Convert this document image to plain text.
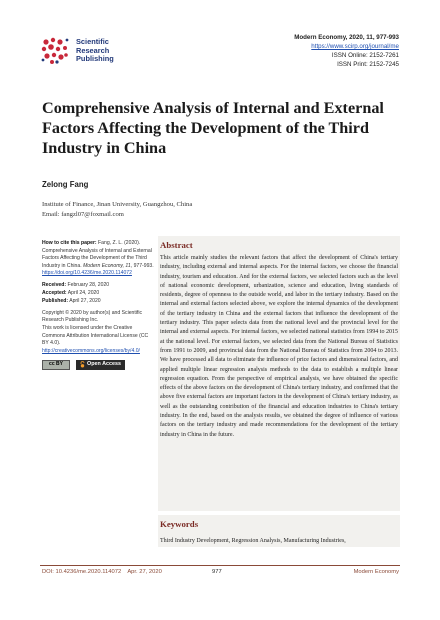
Scientific
Research
Publishing
Modern Economy, 2020, 11, 977-993
https://www.scirp.org/journal/me
ISSN Online: 2152-7261
ISSN Print: 2152-7245
Comprehensive Analysis of Internal and External Factors Affecting the Development of the Third Industry in China
Zelong Fang
Institute of Finance, Jinan University, Guangzhou, China
Email: fangzl07@foxmail.com

How to cite this paper: Fang, Z. L. (2020). Comprehensive Analysis of Internal and External Factors Affecting the Development of the Third Industry in China. Modern Economy, 11, 977-993. https://doi.org/10.4236/me.2020.114072

Received: February 28, 2020
Accepted: April 24, 2020
Published: April 27, 2020

Copyright © 2020 by author(s) and Scientific Research Publishing Inc.
This work is licensed under the Creative Commons Attribution International License (CC BY 4.0).
http://creativecommons.org/licenses/by/4.0/

cc BY	Open Access
Abstract
This article mainly studies the relevant factors that affect the development of China's tertiary industry, including external and internal aspects. For the internal factors, we choose the financial industry, tourism and education. And for the external factors, we selected factors such as the level of national economic development, urbanization, science and education, living standards of residents, degree of openness to the outside world, and labor in the tertiary industry. Based on the internal and external factors selected above, we explore the internal dynamics of the development of the tertiary industry in China and the external factors that influence the development of the tertiary industry. This paper selects data from the national level and the provincial level for the internal and external aspects. For internal factors, we selected national statistics from 1994 to 2015 at the national level. For external factors, we selected data from the National Bureau of Statistics from 1991 to 2009, and provincial data from the National Bureau of Statistics from 2004 to 2013. We have processed all data to eliminate the influence of price factors and dimensional factors, and applied multiple linear regression analysis methods to the data to establish a multiple linear regression equation. From the perspective of empirical analysis, we have obtained the specific effects of the above factors on the development of China's tertiary industry, and confirmed that the above five external factors are important factors in the development of China's tertiary industry, as well as the outstanding contribution of the financial and education industries to China's tertiary industry. In the end, based on the analysis results, we obtained the degree of influence of various factors on the tertiary industry and made recommendations for the development of the tertiary industry in China in the future.
Keywords
Third Industry Development, Regression Analysis, Manufacturing Industries,
DOI: 10.4236/me.2020.114072 Apr. 27, 2020	977	Modern Economy
